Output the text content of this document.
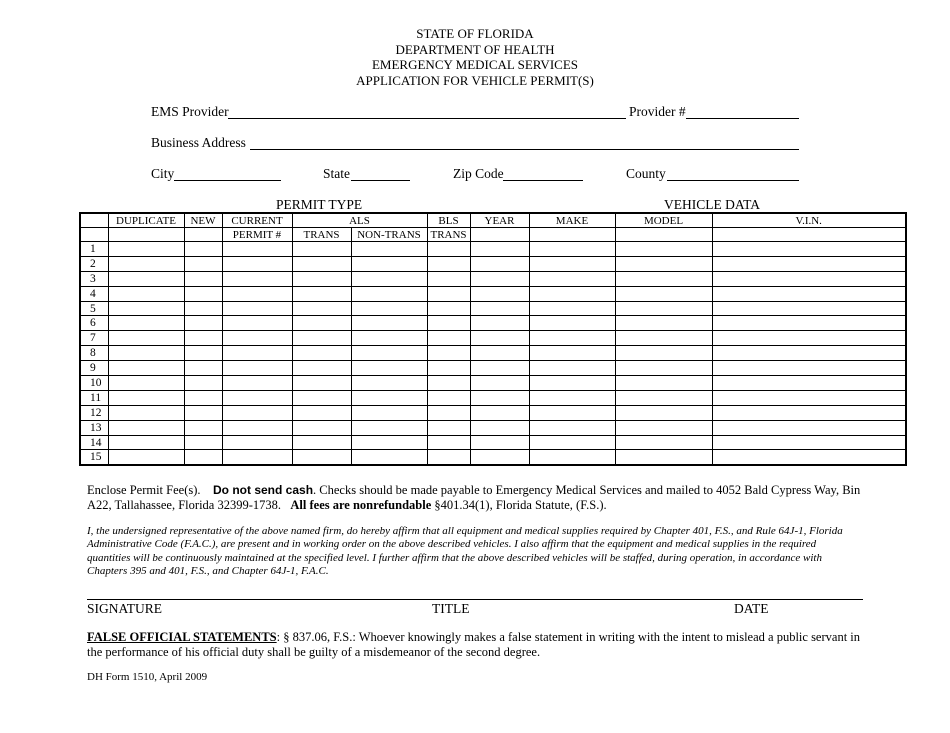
STATE OF FLORIDA
DEPARTMENT OF HEALTH
EMERGENCY MEDICAL SERVICES
APPLICATION FOR VEHICLE PERMIT(S)
EMS Provider	Provider #
Business Address
City	State	Zip Code	County
PERMIT TYPE	VEHICLE DATA
	DUPLICATE	NEW	CURRENT	ALS		BLS	YEAR	MAKE	MODEL	V.I.N.
			PERMIT #	TRANS	NON-TRANS	TRANS				
1										
2										
3										
4										
5										
6										
7										
8										
9										
10										
11										
12										
13										
14										
15										
Enclose Permit Fee(s). Do not send cash. Checks should be made payable to Emergency Medical Services and mailed to 4052 Bald Cypress Way, Bin A22, Tallahassee, Florida 32399-1738. All fees are nonrefundable §401.34(1), Florida Statute, (F.S.).
I, the undersigned representative of the above named firm, do hereby affirm that all equipment and medical supplies required by Chapter 401, F.S., and Rule 64J-1, Florida Administrative Code (F.A.C.), are present and in working order on the above described vehicles. I also affirm that the equipment and medical supplies in the required quantities will be continuously maintained at the specified level. I further affirm that the above described vehicles will be staffed, during operation, in accordance with Chapters 395 and 401, F.S., and Chapter 64J-1, F.A.C.
SIGNATURE	TITLE	DATE
FALSE OFFICIAL STATEMENTS: § 837.06, F.S.: Whoever knowingly makes a false statement in writing with the intent to mislead a public servant in the performance of his official duty shall be guilty of a misdemeanor of the second degree.
DH Form 1510, April 2009
